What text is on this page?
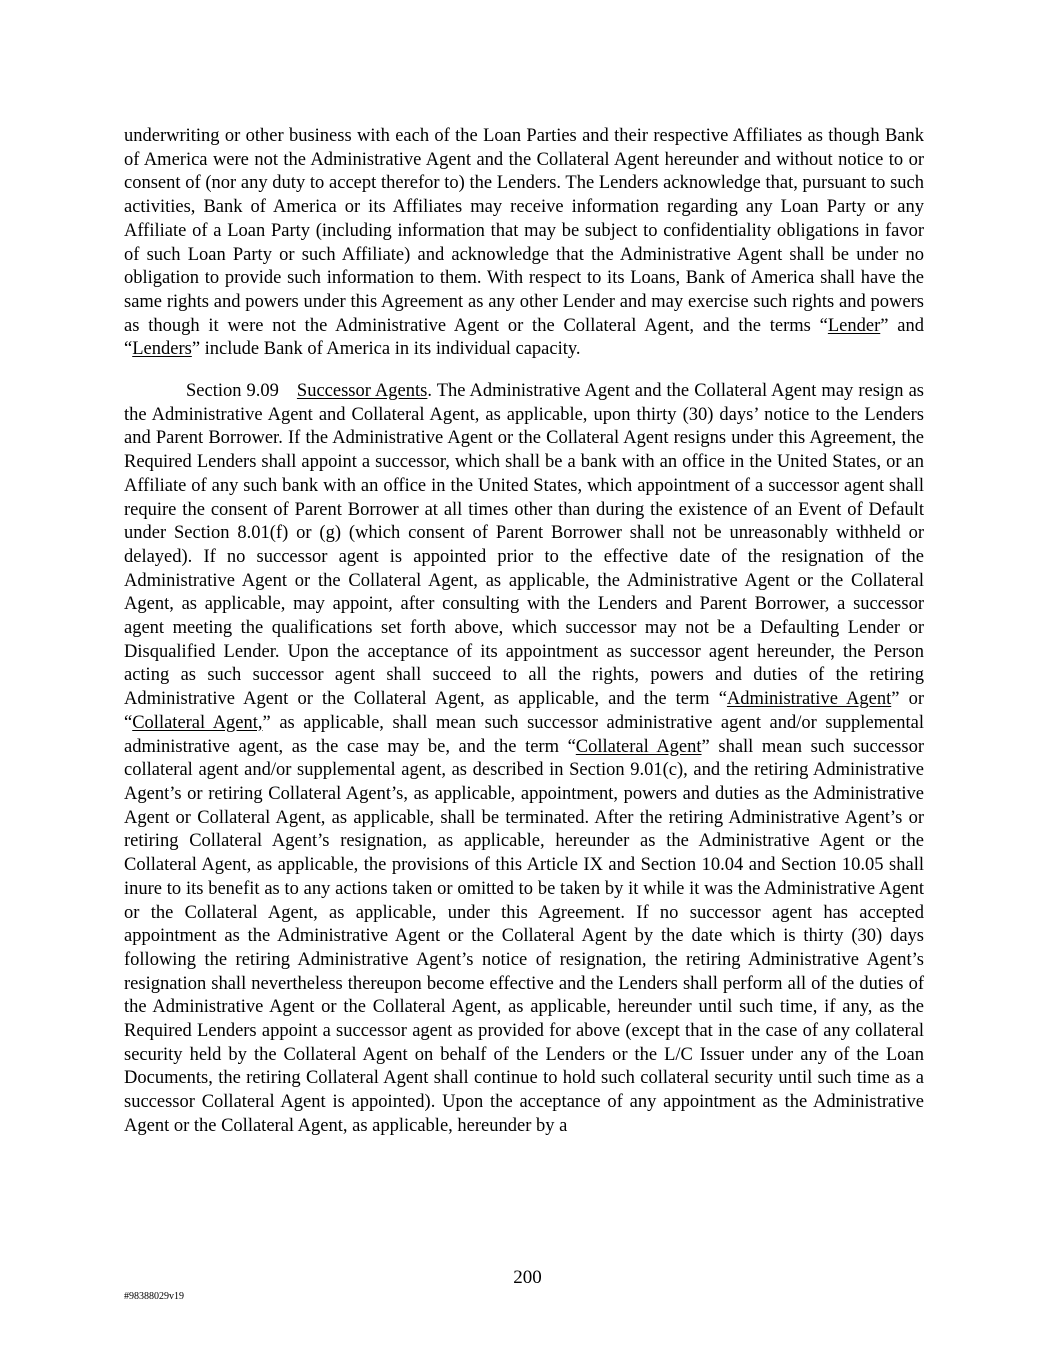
underwriting or other business with each of the Loan Parties and their respective Affiliates as though Bank of America were not the Administrative Agent and the Collateral Agent hereunder and without notice to or consent of (nor any duty to accept therefor to) the Lenders. The Lenders acknowledge that, pursuant to such activities, Bank of America or its Affiliates may receive information regarding any Loan Party or any Affiliate of a Loan Party (including information that may be subject to confidentiality obligations in favor of such Loan Party or such Affiliate) and acknowledge that the Administrative Agent shall be under no obligation to provide such information to them. With respect to its Loans, Bank of America shall have the same rights and powers under this Agreement as any other Lender and may exercise such rights and powers as though it were not the Administrative Agent or the Collateral Agent, and the terms “Lender” and “Lenders” include Bank of America in its individual capacity.

Section 9.09 Successor Agents. The Administrative Agent and the Collateral Agent may resign as the Administrative Agent and Collateral Agent, as applicable, upon thirty (30) days’ notice to the Lenders and Parent Borrower. If the Administrative Agent or the Collateral Agent resigns under this Agreement, the Required Lenders shall appoint a successor, which shall be a bank with an office in the United States, or an Affiliate of any such bank with an office in the United States, which appointment of a successor agent shall require the consent of Parent Borrower at all times other than during the existence of an Event of Default under Section 8.01(f) or (g) (which consent of Parent Borrower shall not be unreasonably withheld or delayed). If no successor agent is appointed prior to the effective date of the resignation of the Administrative Agent or the Collateral Agent, as applicable, the Administrative Agent or the Collateral Agent, as applicable, may appoint, after consulting with the Lenders and Parent Borrower, a successor agent meeting the qualifications set forth above, which successor may not be a Defaulting Lender or Disqualified Lender. Upon the acceptance of its appointment as successor agent hereunder, the Person acting as such successor agent shall succeed to all the rights, powers and duties of the retiring Administrative Agent or the Collateral Agent, as applicable, and the term “Administrative Agent” or “Collateral Agent,” as applicable, shall mean such successor administrative agent and/or supplemental administrative agent, as the case may be, and the term “Collateral Agent” shall mean such successor collateral agent and/or supplemental agent, as described in Section 9.01(c), and the retiring Administrative Agent’s or retiring Collateral Agent’s, as applicable, appointment, powers and duties as the Administrative Agent or Collateral Agent, as applicable, shall be terminated. After the retiring Administrative Agent’s or retiring Collateral Agent’s resignation, as applicable, hereunder as the Administrative Agent or the Collateral Agent, as applicable, the provisions of this Article IX and Section 10.04 and Section 10.05 shall inure to its benefit as to any actions taken or omitted to be taken by it while it was the Administrative Agent or the Collateral Agent, as applicable, under this Agreement. If no successor agent has accepted appointment as the Administrative Agent or the Collateral Agent by the date which is thirty (30) days following the retiring Administrative Agent’s notice of resignation, the retiring Administrative Agent’s resignation shall nevertheless thereupon become effective and the Lenders shall perform all of the duties of the Administrative Agent or the Collateral Agent, as applicable, hereunder until such time, if any, as the Required Lenders appoint a successor agent as provided for above (except that in the case of any collateral security held by the Collateral Agent on behalf of the Lenders or the L/C Issuer under any of the Loan Documents, the retiring Collateral Agent shall continue to hold such collateral security until such time as a successor Collateral Agent is appointed). Upon the acceptance of any appointment as the Administrative Agent or the Collateral Agent, as applicable, hereunder by a

200
#98388029v19
